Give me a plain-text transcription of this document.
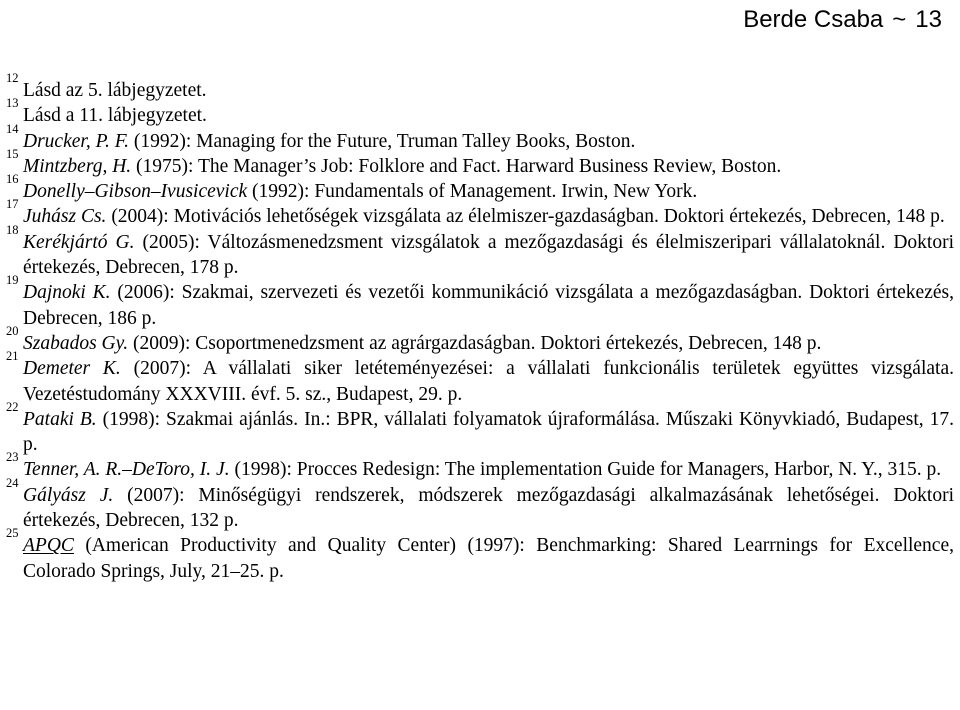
Berde Csaba ~ 13
12
Lásd az 5. lábjegyzetet.
13
Lásd a 11. lábjegyzetet.
14
Drucker, P. F. (1992): Managing for the Future, Truman Talley Books, Boston.
15
Mintzberg, H. (1975): The Manager’s Job: Folklore and Fact. Harward Business Review, Boston.
16
Donelly–Gibson–Ivusicevick (1992): Fundamentals of Management. Irwin, New York.
17
Juhász Cs. (2004): Motivációs lehetőségek vizsgálata az élelmiszer-gazdaságban. Doktori értekezés, Debrecen, 148 p.
18
Kerékjártó G. (2005): Változásmenedzsment vizsgálatok a mezőgazdasági és élelmiszeripari vállalatoknál. Doktori értekezés, Debrecen, 178 p.
19
Dajnoki K. (2006): Szakmai, szervezeti és vezetői kommunikáció vizsgálata a mezőgazdaságban. Doktori értekezés, Debrecen, 186 p.
20
Szabados Gy. (2009): Csoportmenedzsment az agrárgazdaságban. Doktori értekezés, Debrecen, 148 p.
21
Demeter K. (2007): A vállalati siker letéteményezései: a vállalati funkcionális területek együttes vizsgálata. Vezetéstudomány XXXVIII. évf. 5. sz., Budapest, 29. p.
22
Pataki B. (1998): Szakmai ajánlás. In.: BPR, vállalati folyamatok újraformálása. Műszaki Könyvkiadó, Budapest, 17. p.
23
Tenner, A. R.–DeToro, I. J. (1998): Procces Redesign: The implementation Guide for Managers, Harbor, N. Y., 315. p.
24
Gályász J. (2007): Minőségügyi rendszerek, módszerek mezőgazdasági alkalmazásának lehetőségei. Doktori értekezés, Debrecen, 132 p.
25
APQC (American Productivity and Quality Center) (1997): Benchmarking: Shared Learrnings for Excellence, Colorado Springs, July, 21–25. p.
